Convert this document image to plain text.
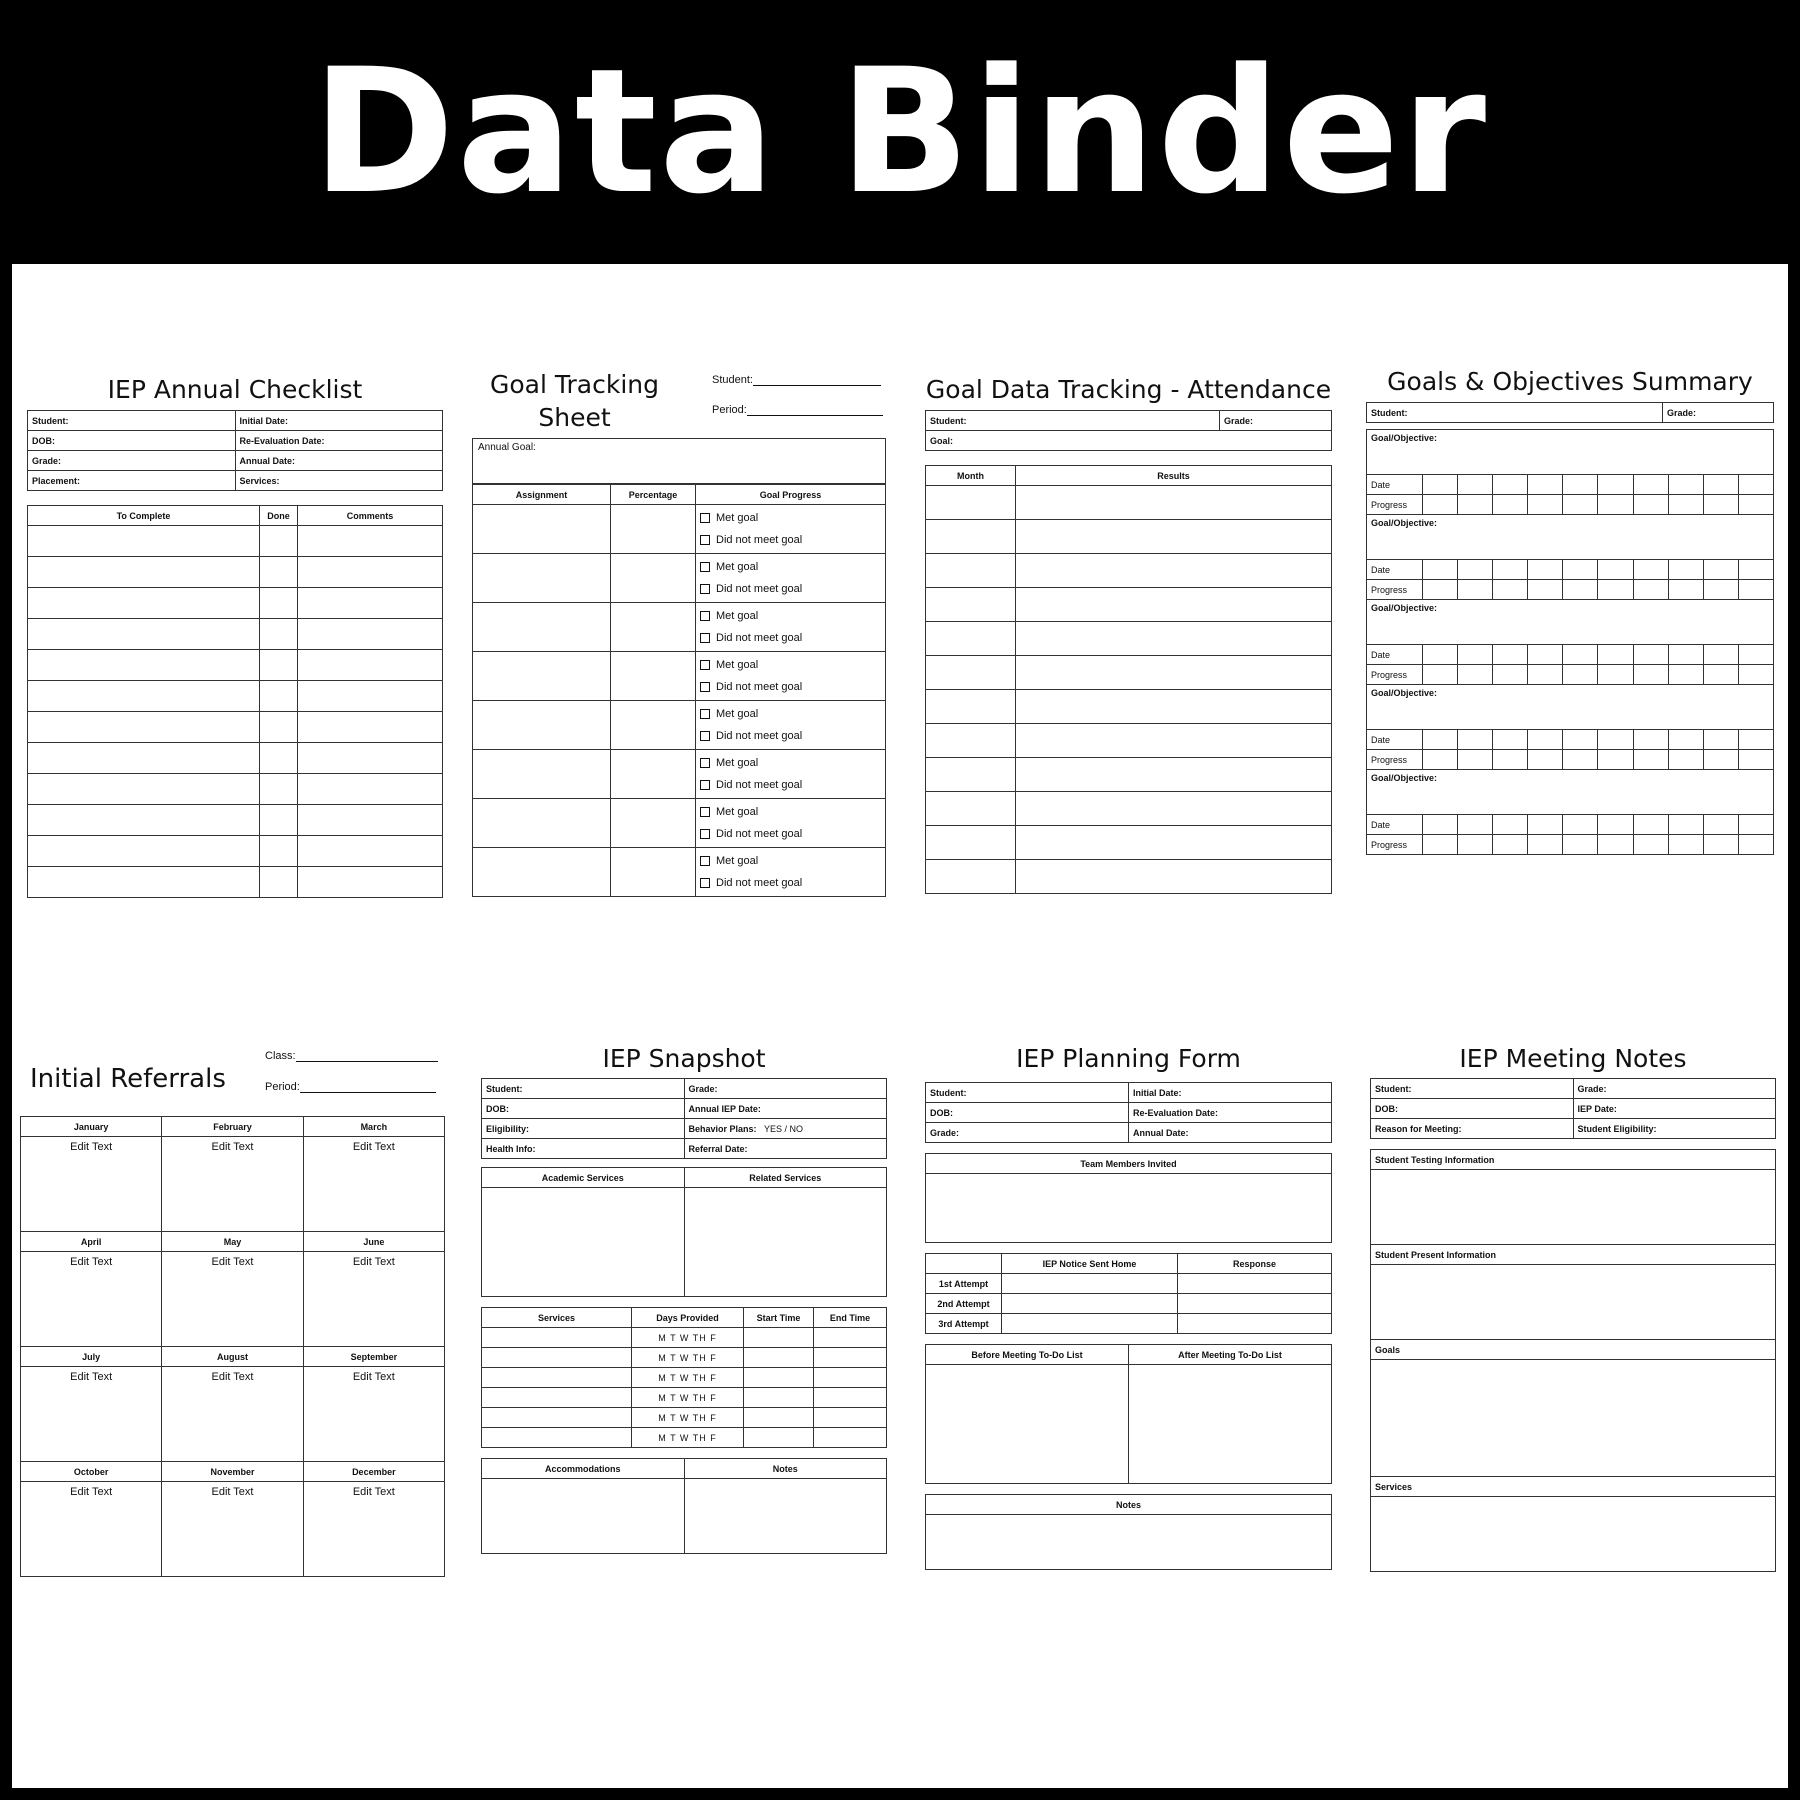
Data Binder
IEP Annual Checklist
Student:	Initial Date:
DOB:	Re-Evaluation Date:
Grade:	Annual Date:
Placement:	Services:
To Complete	Done	Comments

Goal Tracking
Sheet
Student:
Period:
Annual Goal:
Assignment	Percentage	Goal Progress

		Met goal
Did not meet goal

		Met goal
Did not meet goal

		Met goal
Did not meet goal

		Met goal
Did not meet goal

		Met goal
Did not meet goal

		Met goal
Did not meet goal

		Met goal
Did not meet goal

		Met goal
Did not meet goal
Goal Data Tracking - Attendance
Student:	Grade:
Goal:
Month	Results

Goals & Objectives Summary
Student:	Grade:
Goal/Objective:										
Date										
Progress										
Goal/Objective:										
Date										
Progress										
Goal/Objective:										
Date										
Progress										
Goal/Objective:										
Date										
Progress										
Goal/Objective:										
Date										
Progress										
Initial Referrals
Class:
Period:
January	February	March
Edit Text	Edit Text	Edit Text
April	May	June
Edit Text	Edit Text	Edit Text
July	August	September
Edit Text	Edit Text	Edit Text
October	November	December
Edit Text	Edit Text	Edit Text
IEP Snapshot
Student:	Grade:
DOB:	Annual IEP Date:
Eligibility:	Behavior Plans: YES / NO
Health Info:	Referral Date:
Academic Services	Related Services

Services	Days Provided	Start Time	End Time
	M T W TH F		
	M T W TH F		
	M T W TH F		
	M T W TH F		
	M T W TH F		
	M T W TH F		
Accommodations	Notes

IEP Planning Form
Student:	Initial Date:
DOB:	Re-Evaluation Date:
Grade:	Annual Date:
Team Members Invited

	IEP Notice Sent Home	Response
1st Attempt		
2nd Attempt		
3rd Attempt		
Before Meeting To-Do List	After Meeting To-Do List

Notes

IEP Meeting Notes
Student:	Grade:
DOB:	IEP Date:
Reason for Meeting:	Student Eligibility:
Student Testing Information

Student Present Information

Goals

Services
